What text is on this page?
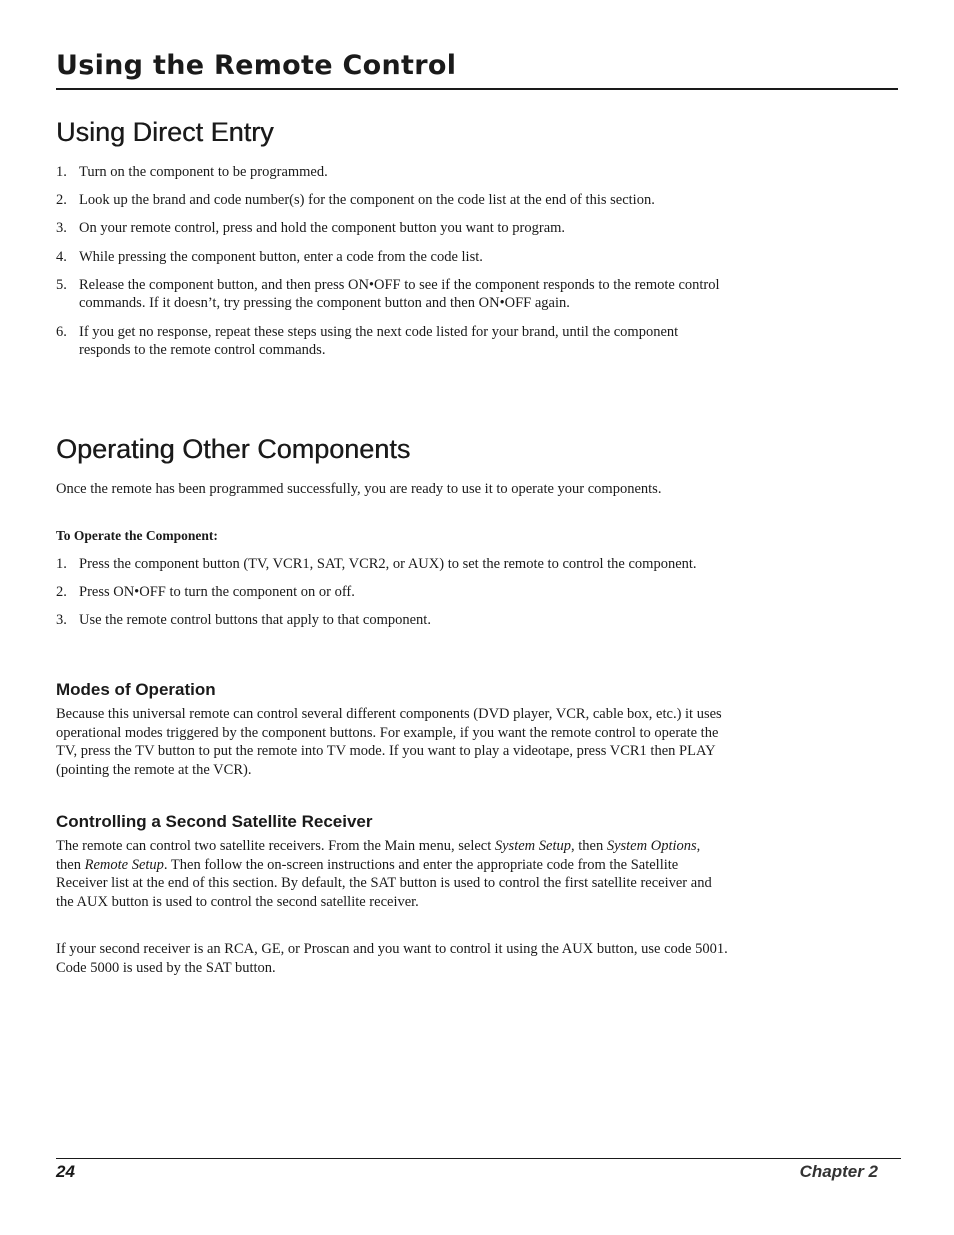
Using the Remote Control
Using Direct Entry
1. Turn on the component to be programmed.
2. Look up the brand and code number(s) for the component on the code list at the end of this section.
3. On your remote control, press and hold the component button you want to program.
4. While pressing the component button, enter a code from the code list.
5. Release the component button, and then press ON•OFF to see if the component responds to the remote control commands. If it doesn’t, try pressing the component button and then ON•OFF again.
6. If you get no response, repeat these steps using the next code listed for your brand, until the component responds to the remote control commands.
Operating Other Components

Once the remote has been programmed successfully, you are ready to use it to operate your components.

To Operate the Component:

1. Press the component button (TV, VCR1, SAT, VCR2, or AUX) to set the remote to control the component.
2. Press ON•OFF to turn the component on or off.
3. Use the remote control buttons that apply to that component.
Modes of Operation

Because this universal remote can control several different components (DVD player, VCR, cable box, etc.) it uses operational modes triggered by the component buttons. For example, if you want the remote control to operate the TV, press the TV button to put the remote into TV mode. If you want to play a videotape, press VCR1 then PLAY (pointing the remote at the VCR).

Controlling a Second Satellite Receiver

The remote can control two satellite receivers. From the Main menu, select System Setup, then System Options, then Remote Setup. Then follow the on-screen instructions and enter the appropriate code from the Satellite Receiver list at the end of this section. By default, the SAT button is used to control the first satellite receiver and the AUX button is used to control the second satellite receiver.

If your second receiver is an RCA, GE, or Proscan and you want to control it using the AUX button, use code 5001. Code 5000 is used by the SAT button.

24	Chapter 2
